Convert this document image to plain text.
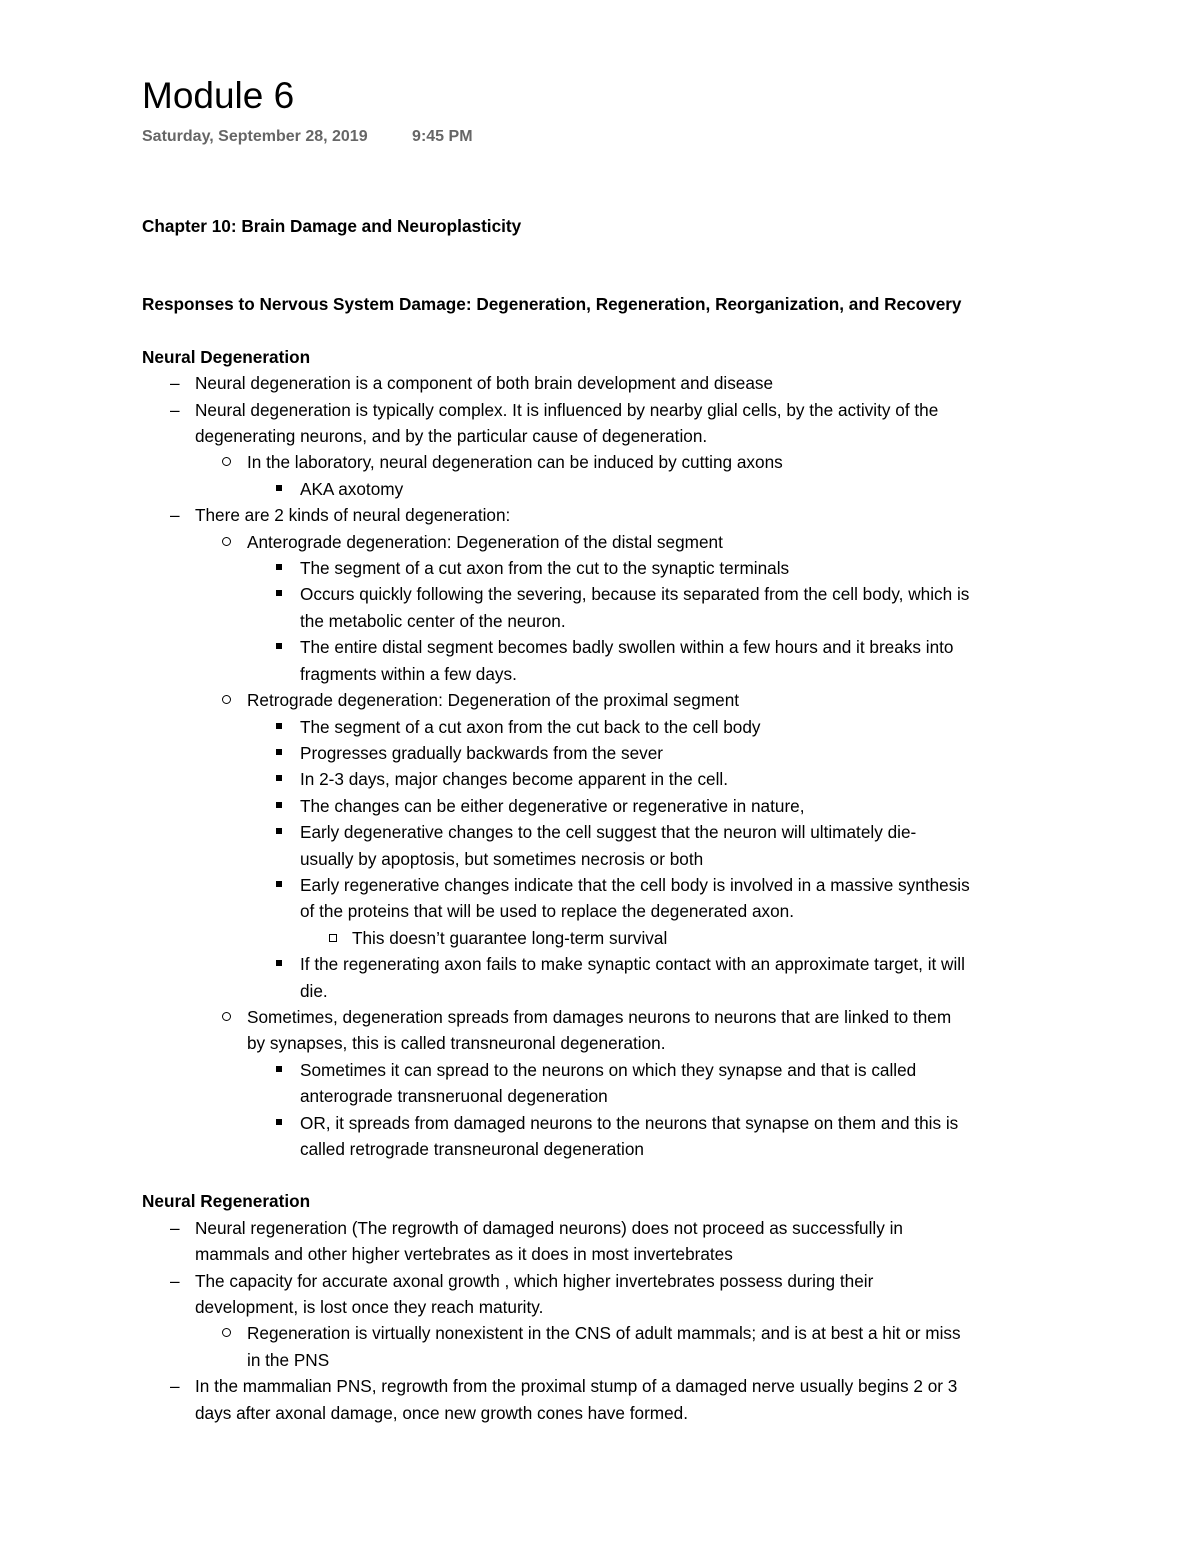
Module 6
Saturday, September 28, 2019	9:45 PM

Chapter 10: Brain Damage and Neuroplasticity

Responses to Nervous System Damage: Degeneration, Regeneration, Reorganization, and Recovery

Neural Degeneration

– Neural degeneration is a component of both brain development and disease
– Neural degeneration is typically complex. It is influenced by nearby glial cells, by the activity of the degenerating neurons, and by the particular cause of degeneration.
In the laboratory, neural degeneration can be induced by cutting axons
AKA axotomy
– There are 2 kinds of neural degeneration:
Anterograde degeneration: Degeneration of the distal segment
The segment of a cut axon from the cut to the synaptic terminals
Occurs quickly following the severing, because its separated from the cell body, which is the metabolic center of the neuron.
The entire distal segment becomes badly swollen within a few hours and it breaks into fragments within a few days.
Retrograde degeneration: Degeneration of the proximal segment
The segment of a cut axon from the cut back to the cell body
Progresses gradually backwards from the sever
In 2-3 days, major changes become apparent in the cell.
The changes can be either degenerative or regenerative in nature,
Early degenerative changes to the cell suggest that the neuron will ultimately die- usually by apoptosis, but sometimes necrosis or both
Early regenerative changes indicate that the cell body is involved in a massive synthesis of the proteins that will be used to replace the degenerated axon.
This doesn’t guarantee long-term survival
If the regenerating axon fails to make synaptic contact with an approximate target, it will die.
Sometimes, degeneration spreads from damages neurons to neurons that are linked to them by synapses, this is called transneuronal degeneration.
Sometimes it can spread to the neurons on which they synapse and that is called anterograde transneruonal degeneration
OR, it spreads from damaged neurons to the neurons that synapse on them and this is called retrograde transneuronal degeneration

Neural Regeneration

– Neural regeneration (The regrowth of damaged neurons) does not proceed as successfully in mammals and other higher vertebrates as it does in most invertebrates
– The capacity for accurate axonal growth , which higher invertebrates possess during their development, is lost once they reach maturity.
Regeneration is virtually nonexistent in the CNS of adult mammals; and is at best a hit or miss in the PNS
– In the mammalian PNS, regrowth from the proximal stump of a damaged nerve usually begins 2 or 3 days after axonal damage, once new growth cones have formed.
